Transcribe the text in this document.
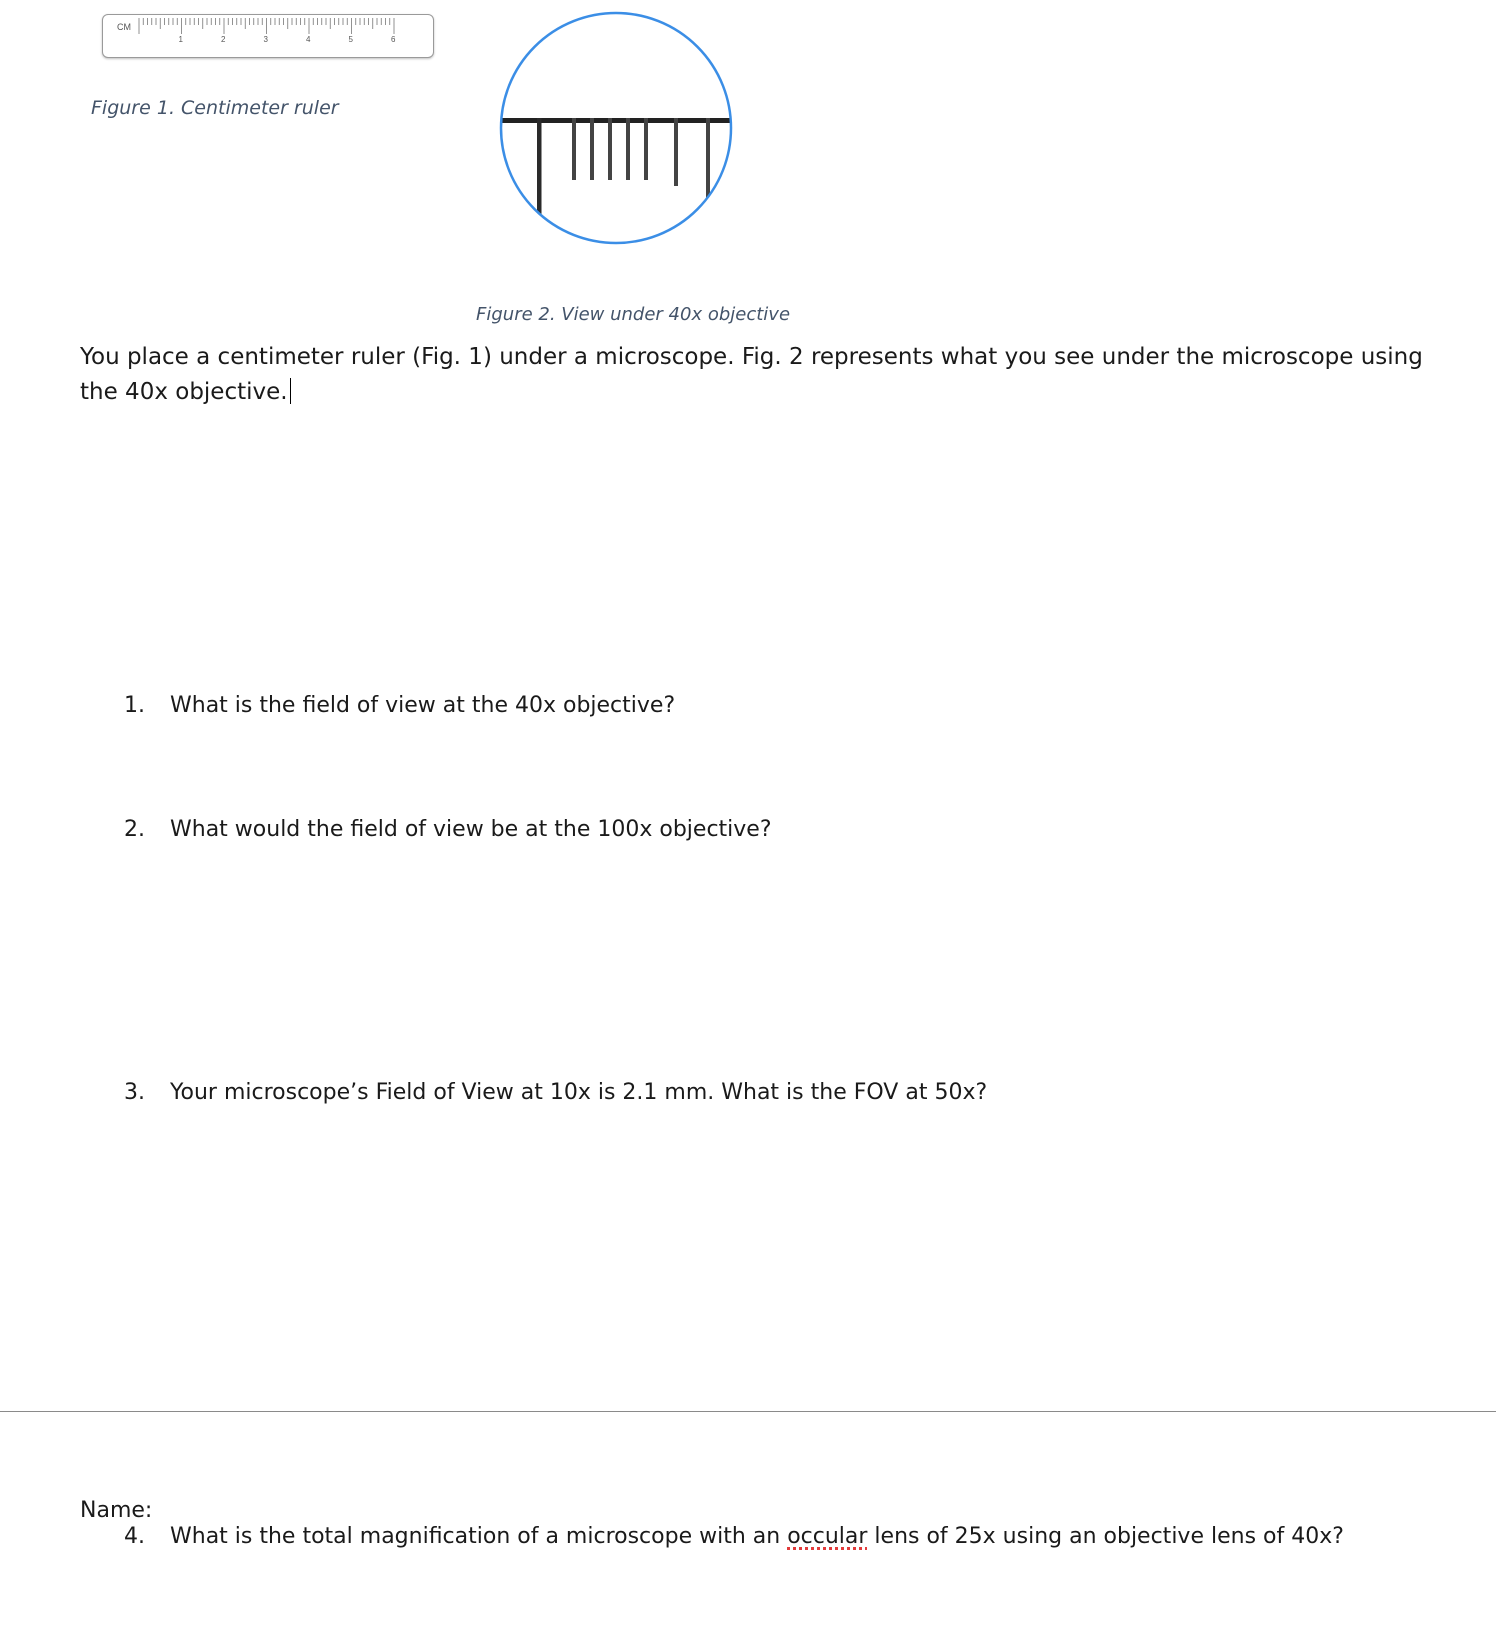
CM
1	2	3	4	5	6
Figure 1. Centimeter ruler
Figure 2. View under 40x objective
You place a centimeter ruler (Fig. 1) under a microscope. Fig. 2 represents what you see under the microscope using the 40x objective.
1. What is the field of view at the 40x objective?
2. What would the field of view be at the 100x objective?
3. Your microscope’s Field of View at 10x is 2.1 mm. What is the FOV at 50x?
Name:
4. What is the total magnification of a microscope with an occular lens of 25x using an objective lens of 40x?
